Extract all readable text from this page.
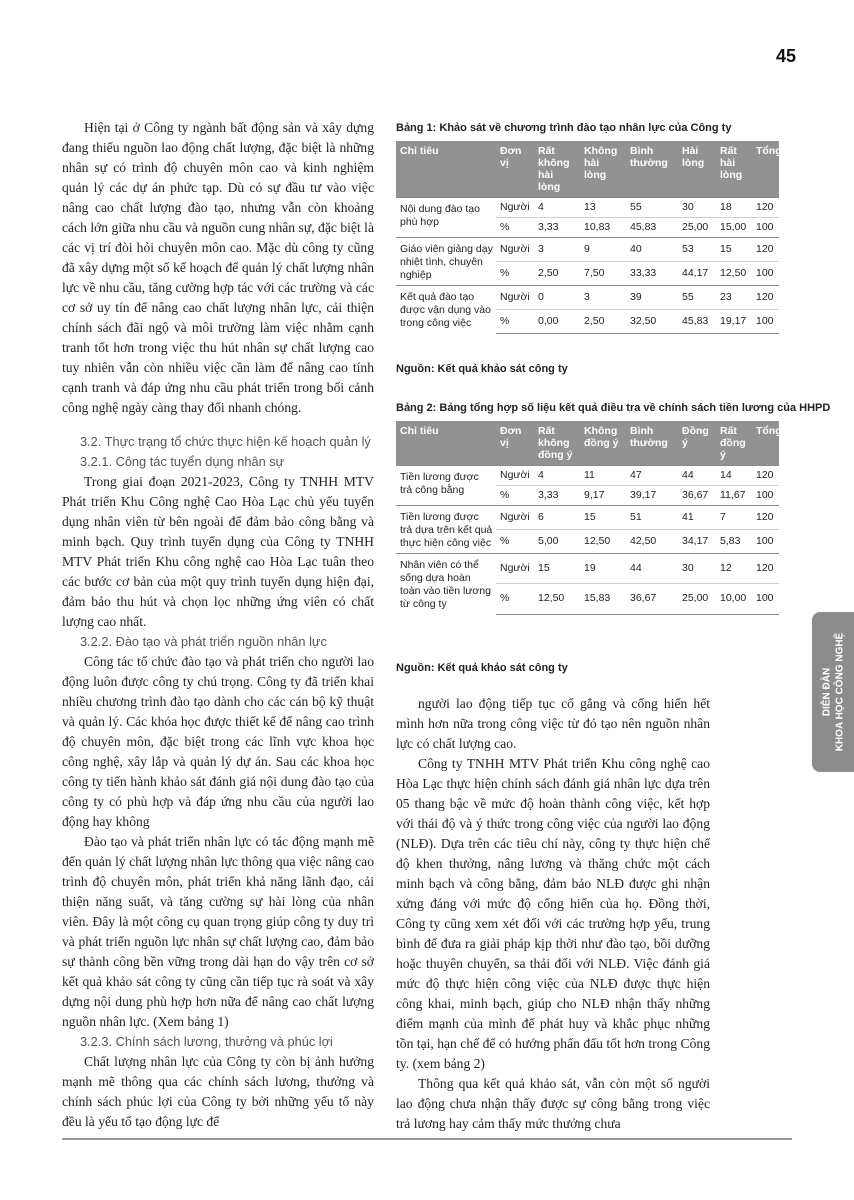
45

Hiện tại ở Công ty ngành bất động sản và xây dựng đang thiếu nguồn lao động chất lượng, đặc biệt là những nhân sự có trình độ chuyên môn cao và kinh nghiệm quản lý các dự án phức tạp. Dù có sự đầu tư vào việc nâng cao chất lượng đào tạo, nhưng vẫn còn khoảng cách lớn giữa nhu cầu và nguồn cung nhân sự, đặc biệt là các vị trí đòi hỏi chuyên môn cao. Mặc dù công ty cũng đã xây dựng một số kế hoạch để quản lý chất lượng nhân lực về nhu cầu, tăng cường hợp tác với các trường và các cơ sở uy tín để nâng cao chất lượng nhân lực, cải thiện chính sách đãi ngộ và môi trường làm việc nhằm cạnh tranh tốt hơn trong việc thu hút nhân sự chất lượng cao tuy nhiên vẫn còn nhiều việc cần làm để nâng cao tính cạnh tranh và đáp ứng nhu cầu phát triển trong bối cảnh công nghệ ngày càng thay đổi nhanh chóng.

3.2. Thực trạng tổ chức thực hiện kế hoạch quản lý
3.2.1. Công tác tuyển dụng nhân sự

Trong giai đoạn 2021-2023, Công ty TNHH MTV Phát triển Khu Công nghệ Cao Hòa Lạc chủ yếu tuyển dụng nhân viên từ bên ngoài để đảm bảo công bằng và minh bạch. Quy trình tuyển dụng của Công ty TNHH MTV Phát triển Khu công nghệ cao Hòa Lạc tuân theo các bước cơ bản của một quy trình tuyển dụng hiện đại, đảm bảo thu hút và chọn lọc những ứng viên có chất lượng cao nhất.

3.2.2. Đào tạo và phát triển nguồn nhân lực

Công tác tổ chức đào tạo và phát triển cho người lao động luôn được công ty chú trọng. Công ty đã triển khai nhiều chương trình đào tạo dành cho các cán bộ kỹ thuật và quản lý. Các khóa học được thiết kế để nâng cao trình độ chuyên môn, đặc biệt trong các lĩnh vực khoa học công nghệ, xây lắp và quản lý dự án. Sau các khoa học công ty tiến hành khảo sát đánh giá nội dung đào tạo của công ty có phù hợp và đáp ứng nhu cầu của người lao động hay không

Đào tạo và phát triển nhân lực có tác động mạnh mẽ đến quản lý chất lượng nhân lực thông qua việc nâng cao trình độ chuyên môn, phát triển khả năng lãnh đạo, cải thiện năng suất, và tăng cường sự hài lòng của nhân viên. Đây là một công cụ quan trọng giúp công ty duy trì và phát triển nguồn lực nhân sự chất lượng cao, đảm bảo sự thành công bền vững trong dài hạn do vậy trên cơ sở kết quả khảo sát công ty cũng cần tiếp tục rà soát và xây dựng nội dung phù hợp hơn nữa để nâng cao chất lượng nguồn nhân lực. (Xem bảng 1)

3.2.3. Chính sách lương, thưởng và phúc lợi

Chất lượng nhân lực của Công ty còn bị ảnh hưởng mạnh mẽ thông qua các chính sách lương, thưởng và chính sách phúc lợi của Công ty bởi những yếu tố này đều là yếu tố tạo động lực để

Bảng 1: Khảo sát về chương trình đào tạo nhân lực của Công ty
Chỉ tiêu	Đơn vị	Rất không hài lòng	Không hài lòng	Bình thường	Hài lòng	Rất hài lòng	Tổng
Nội dung đào tạo phù hợp	Người	4	13	55	30	18	120
	%	3,33	10,83	45,83	25,00	15,00	100
Giáo viên giảng dạy nhiệt tình, chuyên nghiệp	Người	3	9	40	53	15	120
	%	2,50	7,50	33,33	44,17	12,50	100
Kết quả đào tạo được vận dụng vào trong công việc	Người	0	3	39	55	23	120
	%	0,00	2,50	32,50	45,83	19,17	100
Nguồn: Kết quả khảo sát công ty
Bảng 2: Bảng tổng hợp số liệu kết quả điều tra về chính sách tiền lương của HHPD
Chỉ tiêu	Đơn vị	Rất không đồng ý	Không đồng ý	Bình thường	Đồng ý	Rất đồng ý	Tổng
Tiền lương được trả công bằng	Người	4	11	47	44	14	120
	%	3,33	9,17	39,17	36,67	11,67	100
Tiền lương được trả dựa trên kết quả thực hiện công việc	Người	6	15	51	41	7	120
	%	5,00	12,50	42,50	34,17	5,83	100
Nhân viên có thể sống dựa hoàn toàn vào tiền lương từ công ty	Người	15	19	44	30	12	120
	%	12,50	15,83	36,67	25,00	10,00	100
Nguồn: Kết quả khảo sát công ty

người lao động tiếp tục cố gắng và cống hiến hết mình hơn nữa trong công việc từ đó tạo nên nguồn nhân lực có chất lượng cao.

Công ty TNHH MTV Phát triển Khu công nghệ cao Hòa Lạc thực hiện chính sách đánh giá nhân lực dựa trên 05 thang bậc về mức độ hoàn thành công việc, kết hợp với thái độ và ý thức trong công việc của người lao động (NLĐ). Dựa trên các tiêu chí này, công ty thực hiện chế độ khen thưởng, nâng lương và thăng chức một cách minh bạch và công bằng, đảm bảo NLĐ được ghi nhận xứng đáng với mức độ cống hiến của họ. Đồng thời, Công ty cũng xem xét đối với các trường hợp yếu, trung bình để đưa ra giải pháp kịp thời như đào tạo, bồi dưỡng hoặc thuyên chuyển, sa thải đối với NLĐ. Việc đánh giá mức độ thực hiện công việc của NLĐ được thực hiện công khai, minh bạch, giúp cho NLĐ nhận thấy những điểm mạnh của mình để phát huy và khắc phục những tồn tại, hạn chế để có hướng phấn đấu tốt hơn trong Công ty. (xem bảng 2)

Thông qua kết quả khảo sát, vẫn còn một số người lao động chưa nhận thấy được sự công bằng trong việc trả lương hay cảm thấy mức thưởng chưa

DIỄN ĐÀN KHOA HỌC CÔNG NGHỆ
